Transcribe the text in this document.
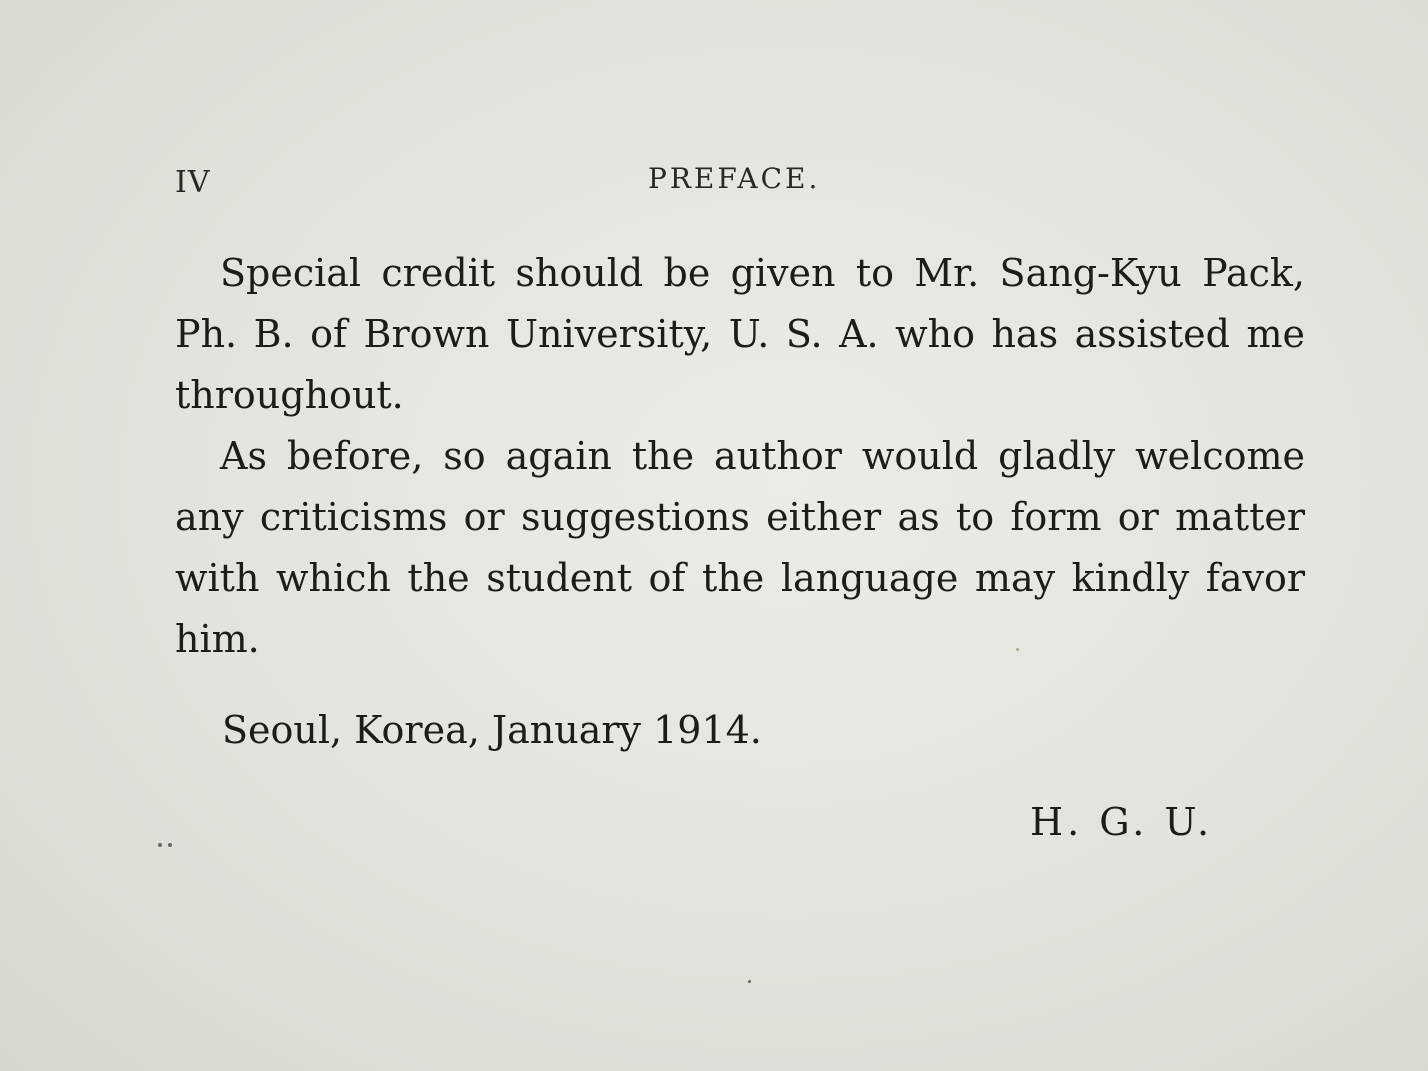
IV	PREFACE.
Special credit should be given to Mr. Sang-Kyu Pack, Ph. B. of Brown University, U. S. A. who has assisted me throughout.
As before, so again the author would gladly welcome any criticisms or suggestions either as to form or matter with which the student of the language may kindly favor him.
Seoul, Korea, January 1914.
H. G. U.
